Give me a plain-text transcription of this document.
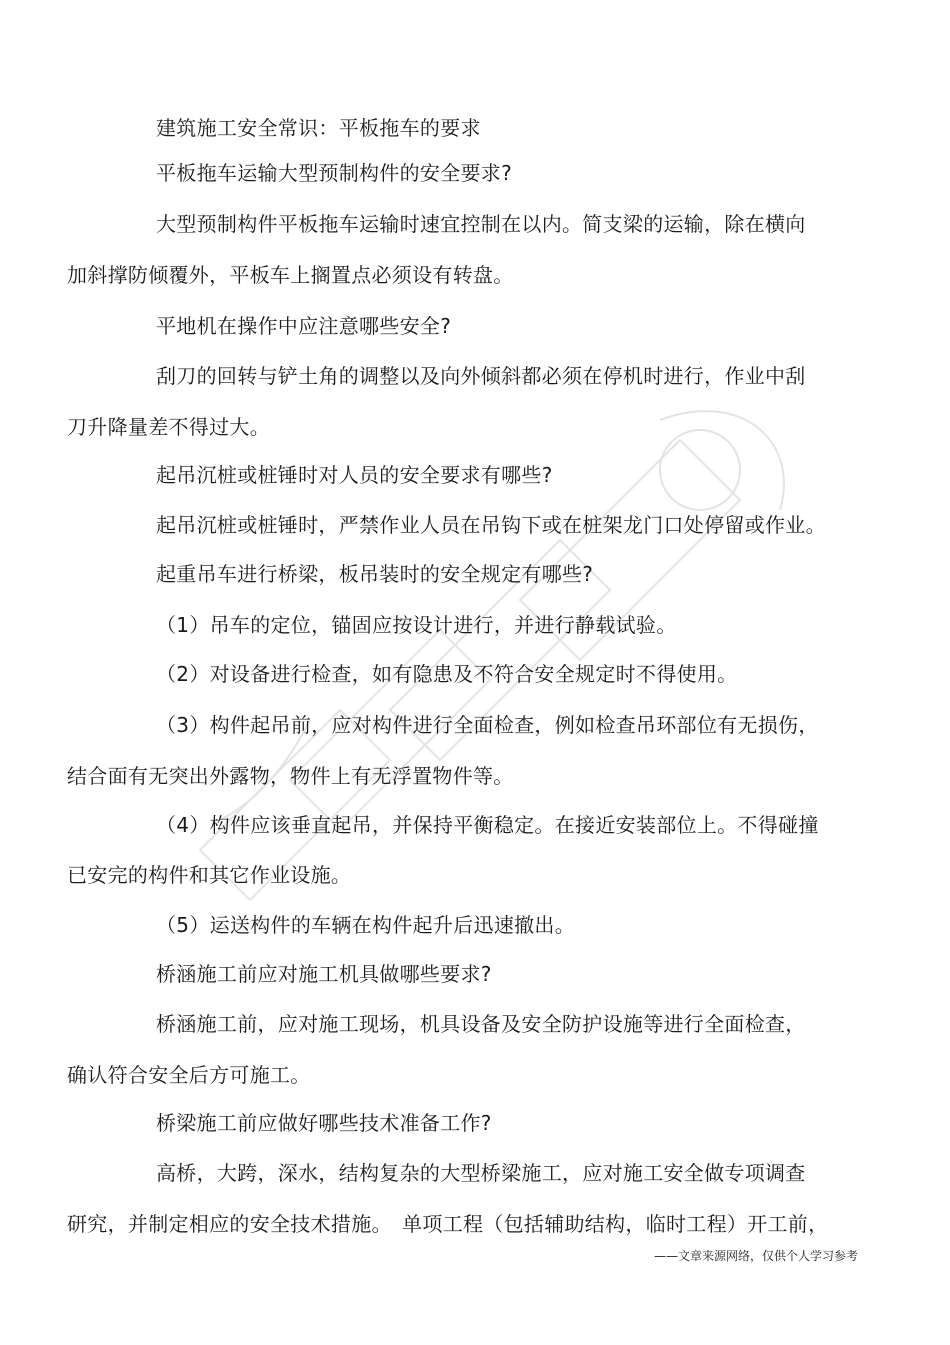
建筑施工安全常识：平板拖车的要求
平板拖车运输大型预制构件的安全要求?
大型预制构件平板拖车运输时速宜控制在以内。简支梁的运输，除在横向
加斜撑防倾覆外，平板车上搁置点必须设有转盘。
平地机在操作中应注意哪些安全?
刮刀的回转与铲土角的调整以及向外倾斜都必须在停机时进行，作业中刮
刀升降量差不得过大。
起吊沉桩或桩锤时对人员的安全要求有哪些?
起吊沉桩或桩锤时，严禁作业人员在吊钩下或在桩架龙门口处停留或作业。
起重吊车进行桥梁，板吊装时的安全规定有哪些?
（1）吊车的定位，锚固应按设计进行，并进行静载试验。
（2）对设备进行检查，如有隐患及不符合安全规定时不得使用。
（3）构件起吊前，应对构件进行全面检查，例如检查吊环部位有无损伤，
结合面有无突出外露物，物件上有无浮置物件等。
（4）构件应该垂直起吊，并保持平衡稳定。在接近安装部位上。不得碰撞
已安完的构件和其它作业设施。
（5）运送构件的车辆在构件起升后迅速撤出。
桥涵施工前应对施工机具做哪些要求?
桥涵施工前，应对施工现场，机具设备及安全防护设施等进行全面检查，
确认符合安全后方可施工。
桥梁施工前应做好哪些技术准备工作?
高桥，大跨，深水，结构复杂的大型桥梁施工，应对施工安全做专项调查
研究，并制定相应的安全技术措施。　单项工程（包括辅助结构，临时工程）开工前，
——文章来源网络，仅供个人学习参考
